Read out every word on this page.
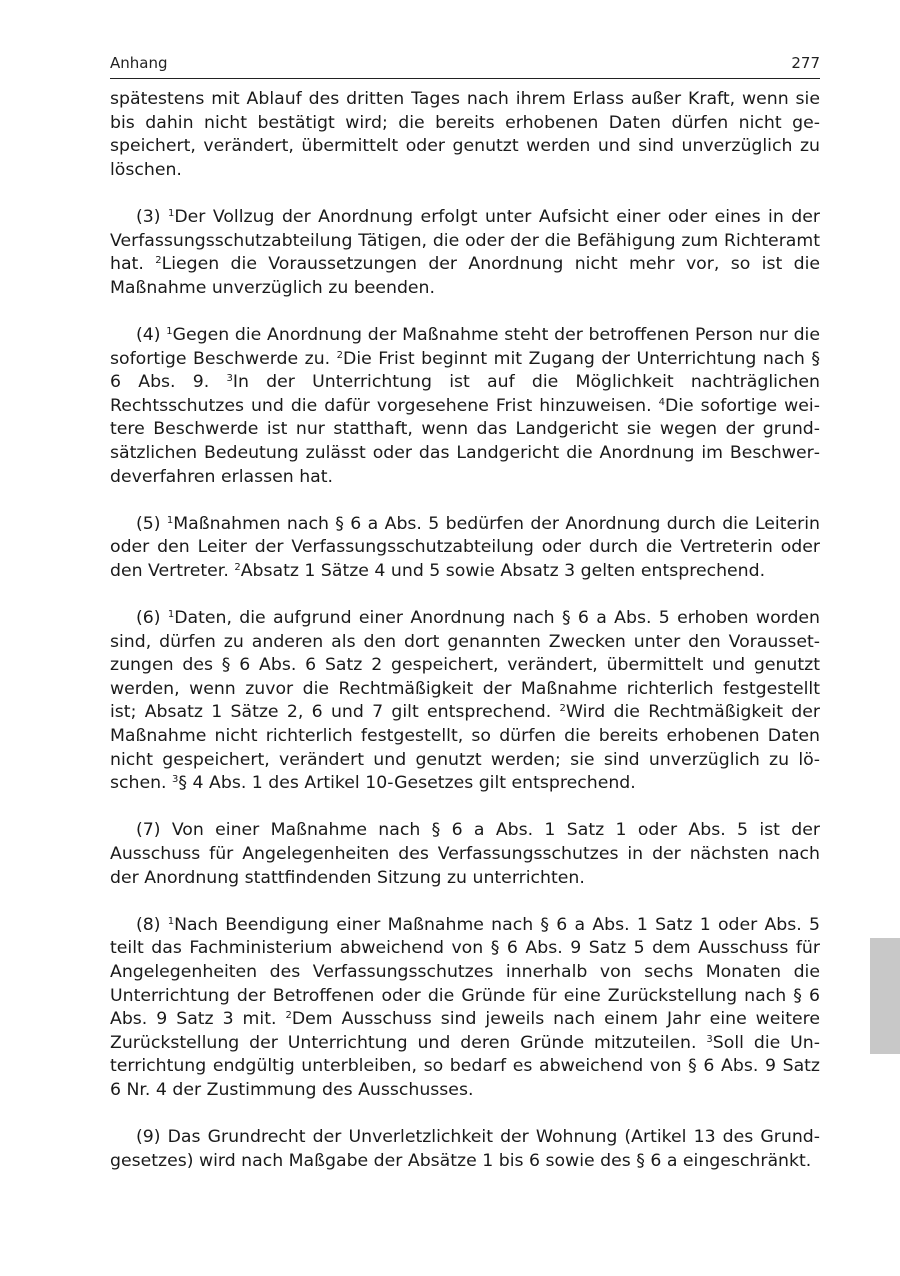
Anhang	277

spätestens mit Ablauf des dritten Tages nach ihrem Erlass außer Kraft, wenn sie bis dahin nicht bestätigt wird; die bereits erhobenen Daten dürfen nicht gespeichert, verändert, übermittelt oder genutzt werden und sind unverzüglich zu löschen.

(3) $^1$Der Vollzug der Anordnung erfolgt unter Aufsicht einer oder eines in der Verfassungsschutzabteilung Tätigen, die oder der die Befähigung zum Richteramt hat. $^2$Liegen die Voraussetzungen der Anordnung nicht mehr vor, so ist die Maßnahme unverzüglich zu beenden.

(4) $^1$Gegen die Anordnung der Maßnahme steht der betroffenen Person nur die sofortige Beschwerde zu. $^2$Die Frist beginnt mit Zugang der Unterrichtung nach § 6 Abs. 9. $^3$In der Unterrichtung ist auf die Möglichkeit nachträglichen Rechtsschutzes und die dafür vorgesehene Frist hinzuweisen. $^4$Die sofortige weitere Beschwerde ist nur statthaft, wenn das Landgericht sie wegen der grundsätzlichen Bedeutung zulässt oder das Landgericht die Anordnung im Beschwerdeverfahren erlassen hat.

(5) $^1$Maßnahmen nach § 6 a Abs. 5 bedürfen der Anordnung durch die Leiterin oder den Leiter der Verfassungsschutzabteilung oder durch die Vertreterin oder den Vertreter. $^2$Absatz 1 Sätze 4 und 5 sowie Absatz 3 gelten entsprechend.

(6) $^1$Daten, die aufgrund einer Anordnung nach § 6 a Abs. 5 erhoben worden sind, dürfen zu anderen als den dort genannten Zwecken unter den Voraussetzungen des § 6 Abs. 6 Satz 2 gespeichert, verändert, übermittelt und genutzt werden, wenn zuvor die Rechtmäßigkeit der Maßnahme richterlich festgestellt ist; Absatz 1 Sätze 2, 6 und 7 gilt entsprechend. $^2$Wird die Rechtmäßigkeit der Maßnahme nicht richterlich festgestellt, so dürfen die bereits erhobenen Daten nicht gespeichert, verändert und genutzt werden; sie sind unverzüglich zu löschen. $^3$§ 4 Abs. 1 des Artikel 10-Gesetzes gilt entsprechend.

(7) Von einer Maßnahme nach § 6 a Abs. 1 Satz 1 oder Abs. 5 ist der Ausschuss für Angelegenheiten des Verfassungsschutzes in der nächsten nach der Anordnung stattfindenden Sitzung zu unterrichten.

(8) $^1$Nach Beendigung einer Maßnahme nach § 6 a Abs. 1 Satz 1 oder Abs. 5 teilt das Fachministerium abweichend von § 6 Abs. 9 Satz 5 dem Ausschuss für Angelegenheiten des Verfassungsschutzes innerhalb von sechs Monaten die Unterrichtung der Betroffenen oder die Gründe für eine Zurückstellung nach § 6 Abs. 9 Satz 3 mit. $^2$Dem Ausschuss sind jeweils nach einem Jahr eine weitere Zurückstellung der Unterrichtung und deren Gründe mitzuteilen. $^3$Soll die Unterrichtung endgültig unterbleiben, so bedarf es abweichend von § 6 Abs. 9 Satz 6 Nr. 4 der Zustimmung des Ausschusses.

(9) Das Grundrecht der Unverletzlichkeit der Wohnung (Artikel 13 des Grundgesetzes) wird nach Maßgabe der Absätze 1 bis 6 sowie des § 6 a eingeschränkt.
